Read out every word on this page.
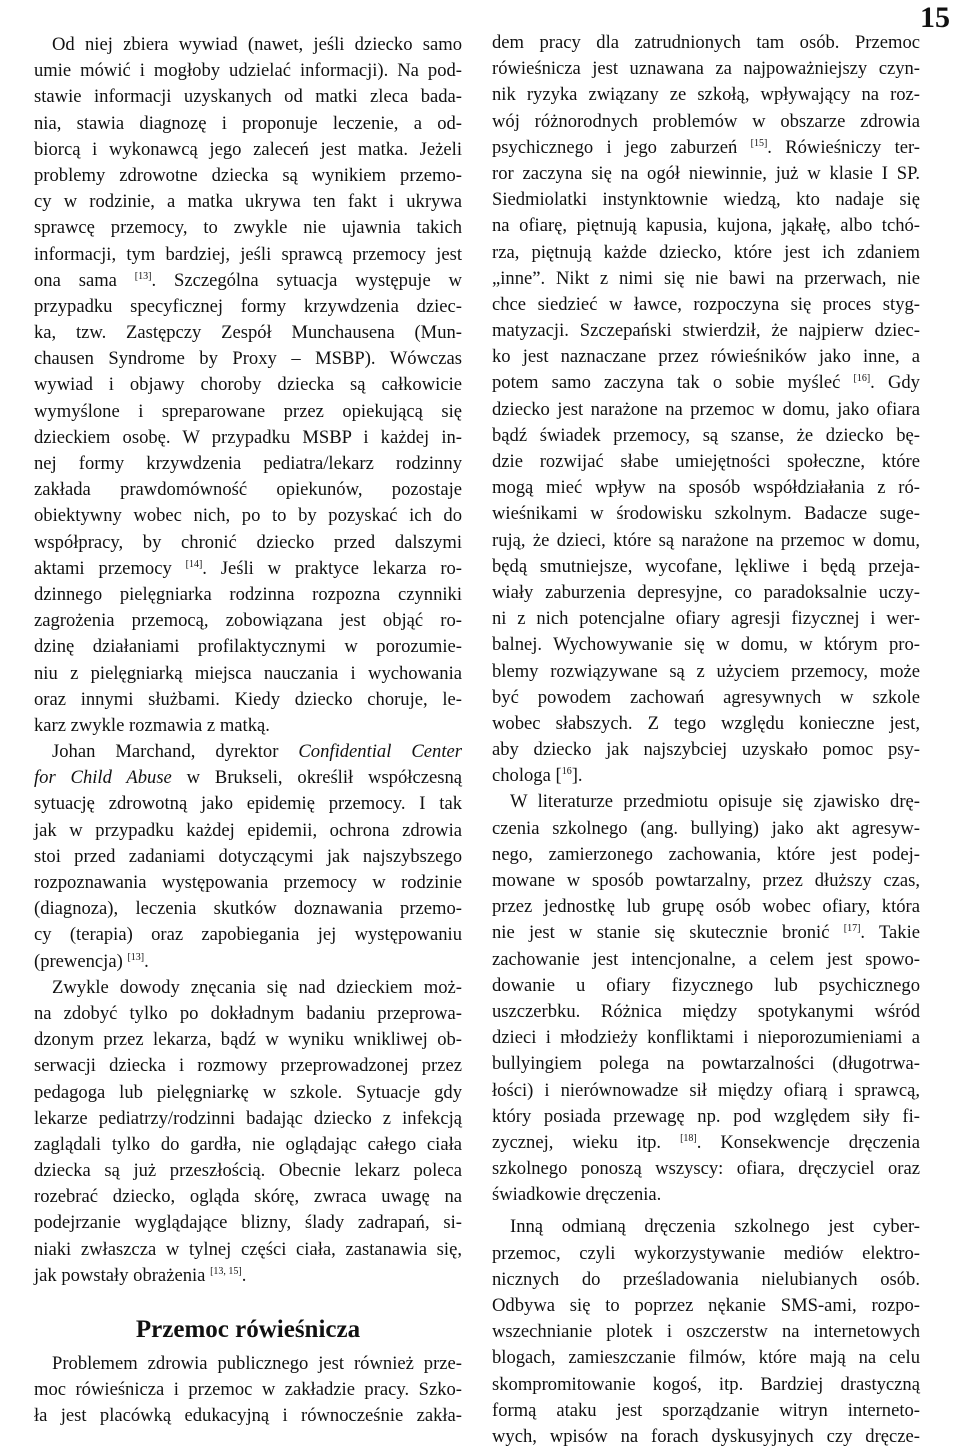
15
Od niej zbiera wywiad (nawet, jeśli dziecko samo
umie mówić i mogłoby udzielać informacji). Na pod-
stawie informacji uzyskanych od matki zleca bada-
nia, stawia diagnozę i proponuje leczenie, a od-
biorcą i wykonawcą jego zaleceń jest matka. Jeżeli
problemy zdrowotne dziecka są wynikiem przemo-
cy w rodzinie, a matka ukrywa ten fakt i ukrywa
sprawcę przemocy, to zwykle nie ujawnia takich
informacji, tym bardziej, jeśli sprawcą przemocy jest
ona sama [13]. Szczególna sytuacja występuje w
przypadku specyficznej formy krzywdzenia dziec-
ka, tzw. Zastępczy Zespół Munchausena (Mun-
chausen Syndrome by Proxy – MSBP). Wówczas
wywiad i objawy choroby dziecka są całkowicie
wymyślone i spreparowane przez opiekującą się
dzieckiem osobę. W przypadku MSBP i każdej in-
nej formy krzywdzenia pediatra/lekarz rodzinny
zakłada prawdomówność opiekunów, pozostaje
obiektywny wobec nich, po to by pozyskać ich do
współpracy, by chronić dziecko przed dalszymi
aktami przemocy [14]. Jeśli w praktyce lekarza ro-
dzinnego pielęgniarka rodzinna rozpozna czynniki
zagrożenia przemocą, zobowiązana jest objąć ro-
dzinę działaniami profilaktycznymi w porozumie-
niu z pielęgniarką miejsca nauczania i wychowania
oraz innymi służbami. Kiedy dziecko choruje, le-
karz zwykle rozmawia z matką.
Johan Marchand, dyrektor Confidential Center
for Child Abuse w Brukseli, określił współczesną
sytuację zdrowotną jako epidemię przemocy. I tak
jak w przypadku każdej epidemii, ochrona zdrowia
stoi przed zadaniami dotyczącymi jak najszybszego
rozpoznawania występowania przemocy w rodzinie
(diagnoza), leczenia skutków doznawania przemo-
cy (terapia) oraz zapobiegania jej występowaniu
(prewencja) [13].
Zwykle dowody znęcania się nad dzieckiem moż-
na zdobyć tylko po dokładnym badaniu przeprowa-
dzonym przez lekarza, bądź w wyniku wnikliwej ob-
serwacji dziecka i rozmowy przeprowadzonej przez
pedagoga lub pielęgniarkę w szkole. Sytuacje gdy
lekarze pediatrzy/rodzinni badając dziecko z infekcją
zaglądali tylko do gardła, nie oglądając całego ciała
dziecka są już przeszłością. Obecnie lekarz poleca
rozebrać dziecko, ogląda skórę, zwraca uwagę na
podejrzanie wyglądające blizny, ślady zadrapań, si-
niaki zwłaszcza w tylnej części ciała, zastanawia się,
jak powstały obrażenia [13, 15].
Przemoc rówieśnicza
Problemem zdrowia publicznego jest również prze-
moc rówieśnicza i przemoc w zakładzie pracy. Szko-
ła jest placówką edukacyjną i równocześnie zakła-
dem pracy dla zatrudnionych tam osób. Przemoc
rówieśnicza jest uznawana za najpoważniejszy czyn-
nik ryzyka związany ze szkołą, wpływający na roz-
wój różnorodnych problemów w obszarze zdrowia
psychicznego i jego zaburzeń [15]. Rówieśniczy ter-
ror zaczyna się na ogół niewinnie, już w klasie I SP.
Siedmiolatki instynktownie wiedzą, kto nadaje się
na ofiarę, piętnują kapusia, kujona, jąkałę, albo tchó-
rza, piętnują każde dziecko, które jest ich zdaniem
„inne”. Nikt z nimi się nie bawi na przerwach, nie
chce siedzieć w ławce, rozpoczyna się proces styg-
matyzacji. Szczepański stwierdził, że najpierw dziec-
ko jest naznaczane przez rówieśników jako inne, a
potem samo zaczyna tak o sobie myśleć [16]. Gdy
dziecko jest narażone na przemoc w domu, jako ofiara
bądź świadek przemocy, są szanse, że dziecko bę-
dzie rozwijać słabe umiejętności społeczne, które
mogą mieć wpływ na sposób współdziałania z ró-
wieśnikami w środowisku szkolnym. Badacze suge-
rują, że dzieci, które są narażone na przemoc w domu,
będą smutniejsze, wycofane, lękliwe i będą przeja-
wiały zaburzenia depresyjne, co paradoksalnie uczy-
ni z nich potencjalne ofiary agresji fizycznej i wer-
balnej. Wychowywanie się w domu, w którym pro-
blemy rozwiązywane są z użyciem przemocy, może
być powodem zachowań agresywnych w szkole
wobec słabszych. Z tego względu konieczne jest,
aby dziecko jak najszybciej uzyskało pomoc psy-
chologa [$^{16}$].
W literaturze przedmiotu opisuje się zjawisko drę-
czenia szkolnego (ang. bullying) jako akt agresyw-
nego, zamierzonego zachowania, które jest podej-
mowane w sposób powtarzalny, przez dłuższy czas,
przez jednostkę lub grupę osób wobec ofiary, która
nie jest w stanie się skutecznie bronić [17]. Takie
zachowanie jest intencjonalne, a celem jest spowo-
dowanie u ofiary fizycznego lub psychicznego
uszczerbku. Różnica między spotykanymi wśród
dzieci i młodzieży konfliktami i nieporozumieniami a
bullyingiem polega na powtarzalności (długotrwa-
łości) i nierównowadze sił między ofiarą i sprawcą,
który posiada przewagę np. pod względem siły fi-
zycznej, wieku itp. [18]. Konsekwencje dręczenia
szkolnego ponoszą wszyscy: ofiara, dręczyciel oraz
świadkowie dręczenia.
Inną odmianą dręczenia szkolnego jest cyber-
przemoc, czyli wykorzystywanie mediów elektro-
nicznych do prześladowania nielubianych osób.
Odbywa się to poprzez nękanie SMS-ami, rozpo-
wszechnianie plotek i oszczerstw na internetowych
blogach, zamieszczanie filmów, które mają na celu
skompromitowanie kogoś, itp. Bardziej drastyczną
formą ataku jest sporządzanie witryn interneto-
wych, wpisów na forach dyskusyjnych czy dręcze-
